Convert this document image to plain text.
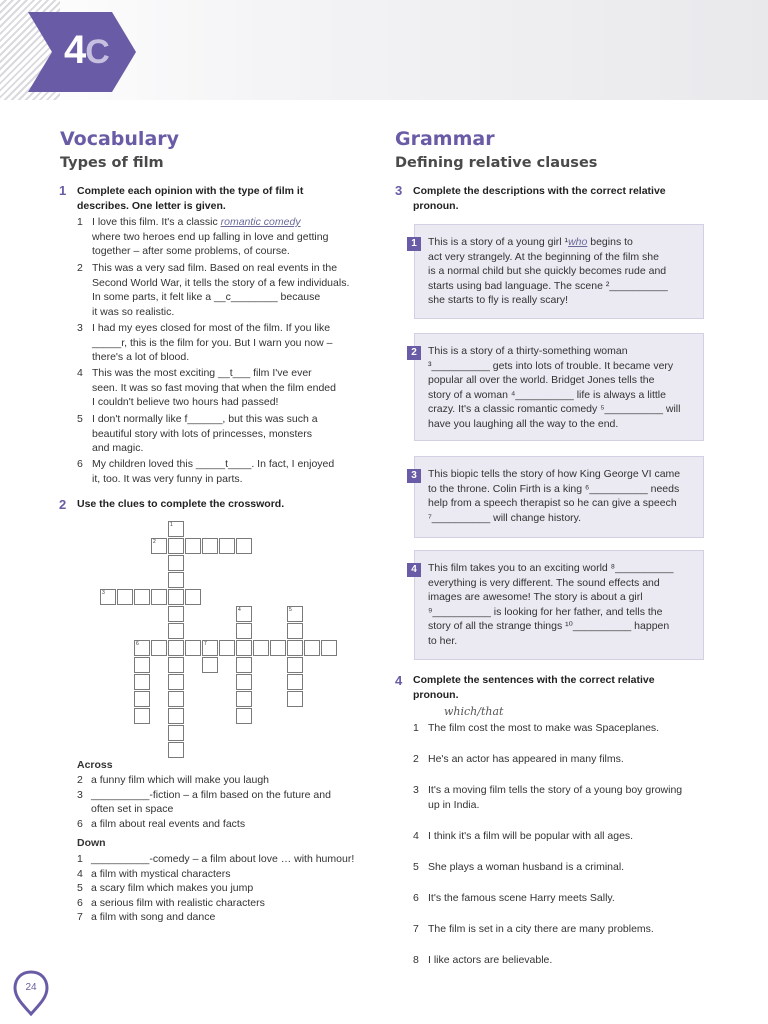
4C
Vocabulary
Types of film
1 Complete each opinion with the type of film it
describes. One letter is given.
1 I love this film. It's a classic romantic comedy
where two heroes end up falling in love and getting
together – after some problems, of course.
2 This was a very sad film. Based on real events in the
Second World War, it tells the story of a few individuals.
In some parts, it felt like a __c________ because
it was so realistic.
3 I had my eyes closed for most of the film. If you like
_____r, this is the film for you. But I warn you now –
there's a lot of blood.
4 This was the most exciting __t___ film I've ever
seen. It was so fast moving that when the film ended
I couldn't believe two hours had passed!
5 I don't normally like f______, but this was such a
beautiful story with lots of princesses, monsters
and magic.
6 My children loved this _____t____. In fact, I enjoyed
it, too. It was very funny in parts.
2 Use the clues to complete the crossword.
1
2
3
4	5
6	7
Across
2 a funny film which will make you laugh
3 __________-fiction – a film based on the future and
often set in space
6 a film about real events and facts
Down
1 __________-comedy – a film about love … with humour!
4 a film with mystical characters
5 a scary film which makes you jump
6 a serious film with realistic characters
7 a film with song and dance
Grammar
Defining relative clauses
3 Complete the descriptions with the correct relative
pronoun.
1	This is a story of a young girl ¹who begins to
act very strangely. At the beginning of the film she
is a normal child but she quickly becomes rude and
starts using bad language. The scene ²__________
she starts to fly is really scary!
2	This is a story of a thirty-something woman
³__________ gets into lots of trouble. It became very
popular all over the world. Bridget Jones tells the
story of a woman ⁴__________ life is always a little
crazy. It's a classic romantic comedy ⁵__________ will
have you laughing all the way to the end.
3	This biopic tells the story of how King George VI came
to the throne. Colin Firth is a king ⁶__________ needs
help from a speech therapist so he can give a speech
⁷__________ will change history.
4	This film takes you to an exciting world ⁸__________
everything is very different. The sound effects and
images are awesome! The story is about a girl
⁹__________ is looking for her father, and tells the
story of all the strange things ¹⁰__________ happen
to her.
4 Complete the sentences with the correct relative
pronoun.
which/that
1 The film cost the most to make was Spaceplanes.
2 He's an actor has appeared in many films.
3 It's a moving film tells the story of a young boy growing
up in India.
4 I think it's a film will be popular with all ages.
5 She plays a woman husband is a criminal.
6 It's the famous scene Harry meets Sally.
7 The film is set in a city there are many problems.
8 I like actors are believable.
24
